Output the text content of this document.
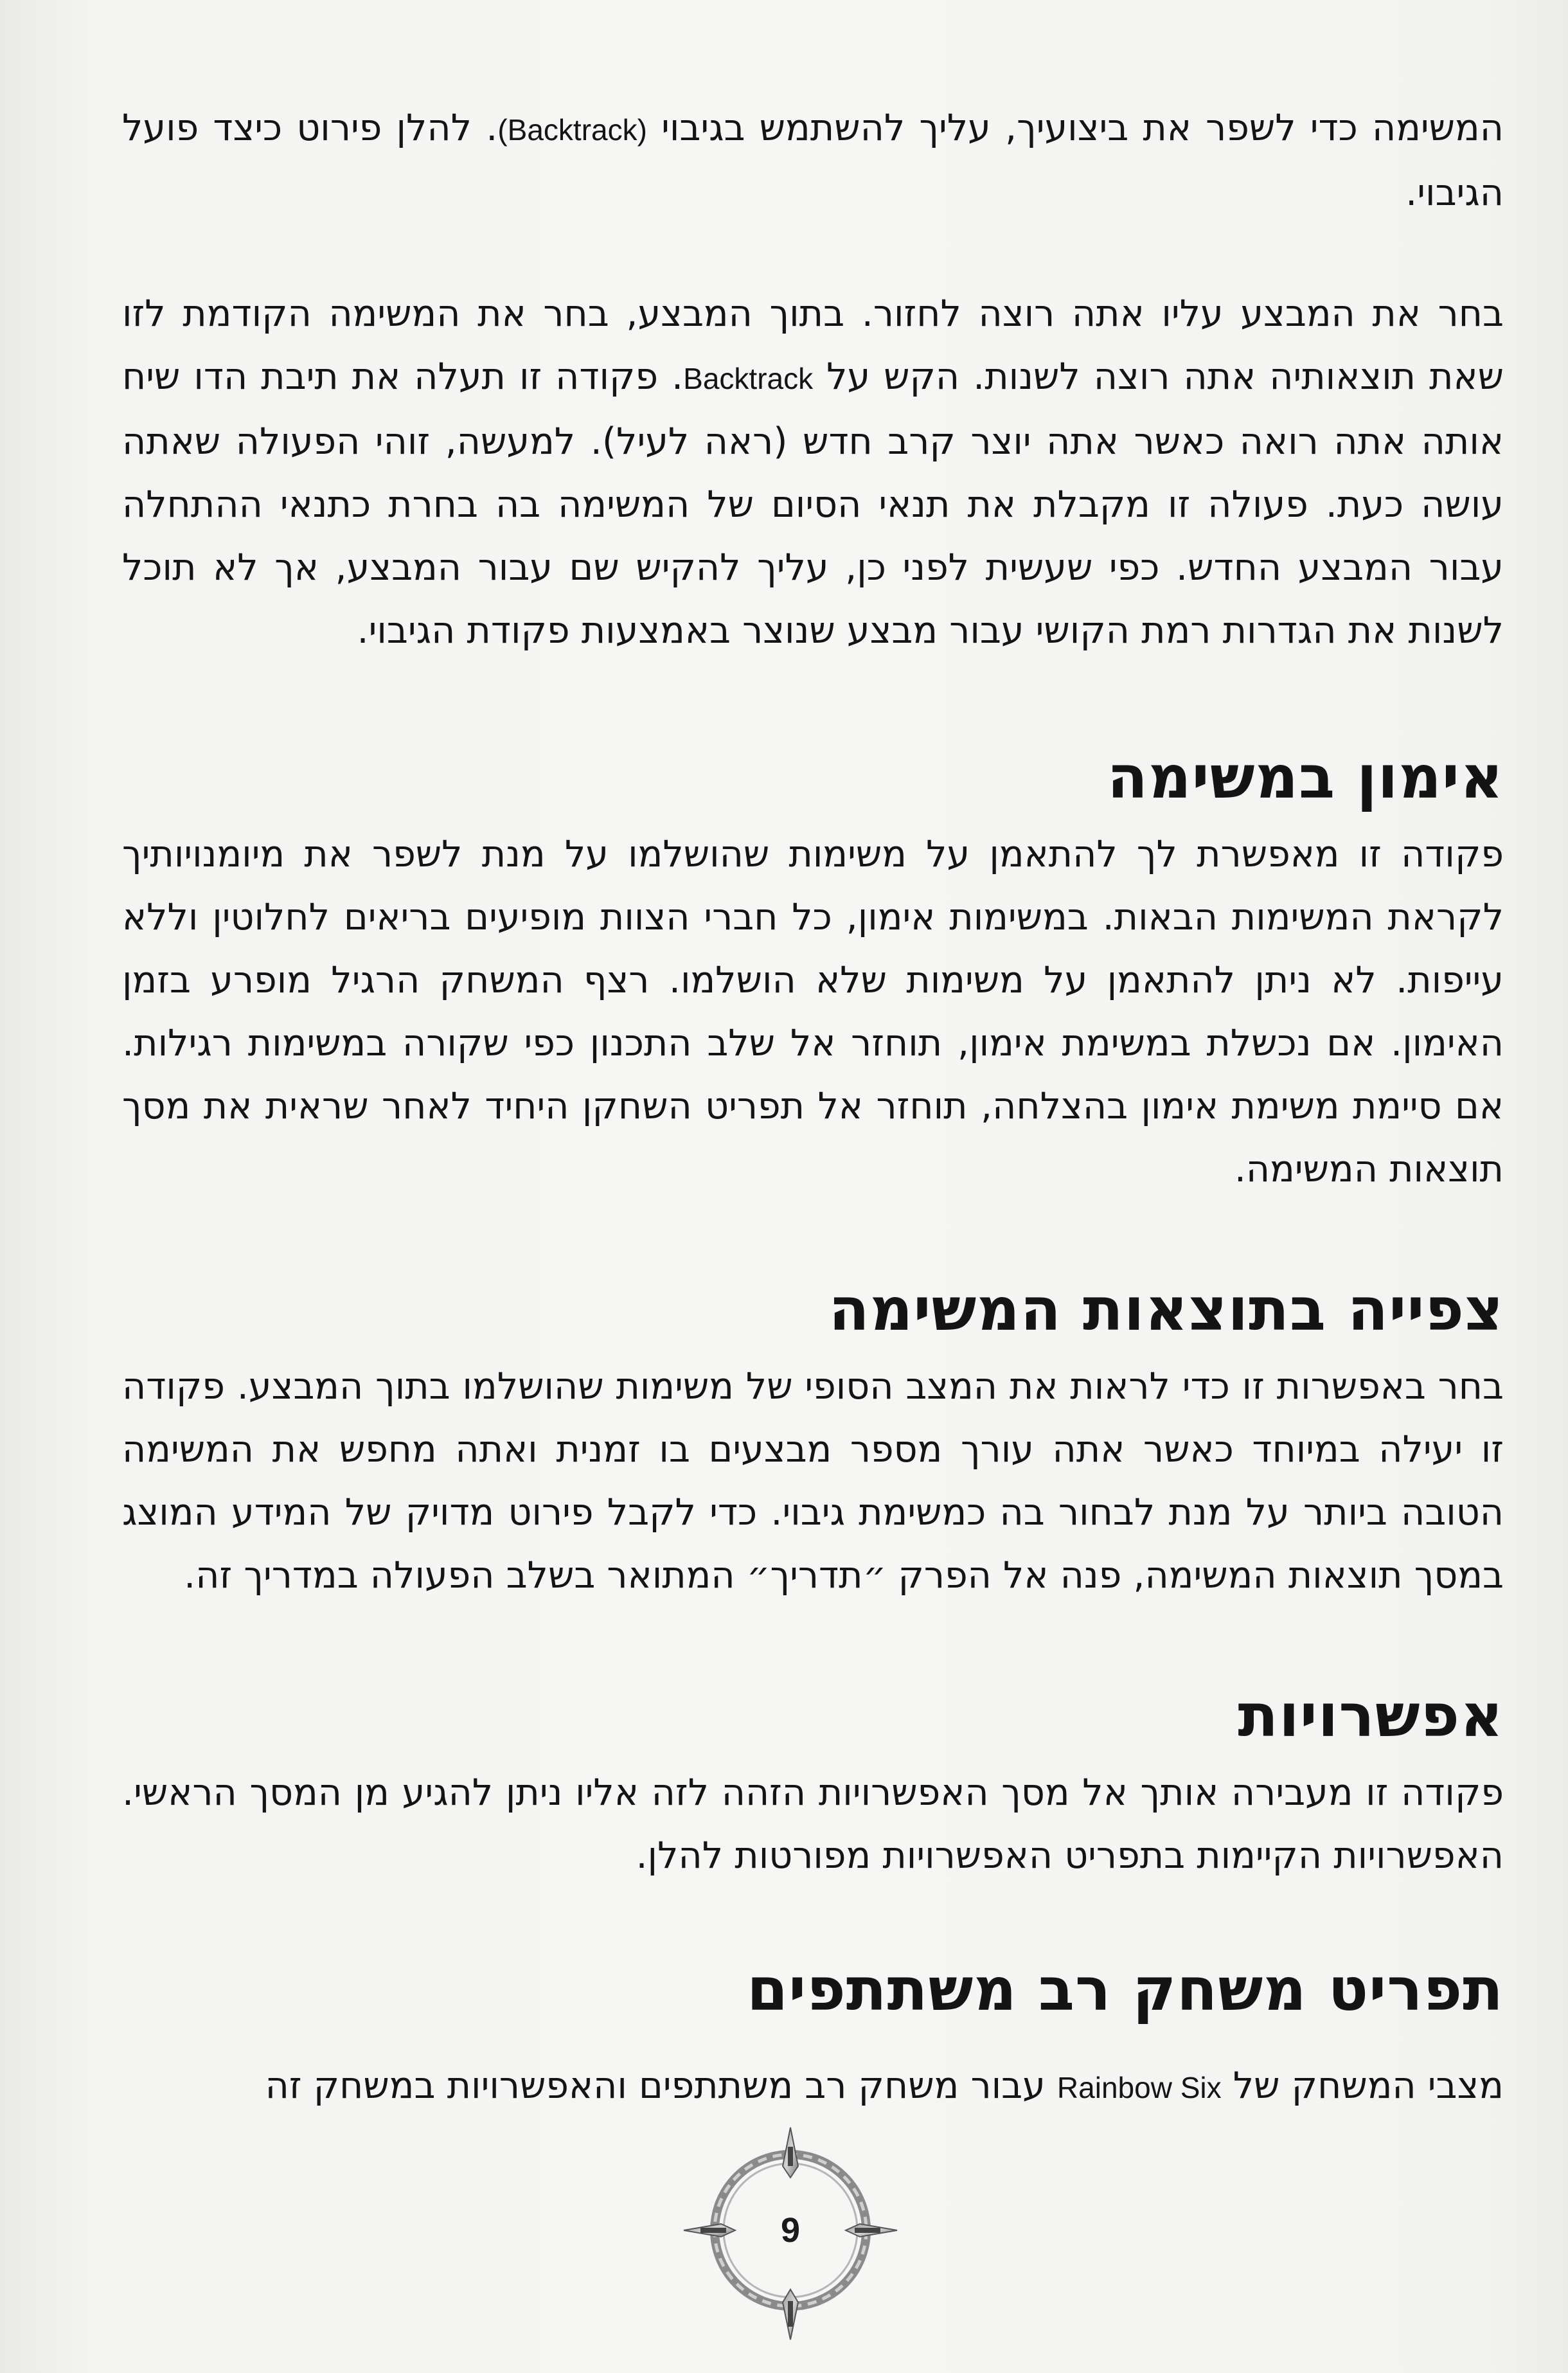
המשימה כדי לשפר את ביצועיך, עליך להשתמש בגיבוי (Backtrack). להלן פירוט כיצד פועל הגיבוי.

בחר את המבצע עליו אתה רוצה לחזור. בתוך המבצע, בחר את המשימה הקודמת לזו שאת תוצאותיה אתה רוצה לשנות. הקש על Backtrack. פקודה זו תעלה את תיבת הדו שיח אותה אתה רואה כאשר אתה יוצר קרב חדש (ראה לעיל). למעשה, זוהי הפעולה שאתה עושה כעת. פעולה זו מקבלת את תנאי הסיום של המשימה בה בחרת כתנאי ההתחלה עבור המבצע החדש. כפי שעשית לפני כן, עליך להקיש שם עבור המבצע, אך לא תוכל לשנות את הגדרות רמת הקושי עבור מבצע שנוצר באמצעות פקודת הגיבוי.

אימון במשימה

פקודה זו מאפשרת לך להתאמן על משימות שהושלמו על מנת לשפר את מיומנויותיך לקראת המשימות הבאות. במשימות אימון, כל חברי הצוות מופיעים בריאים לחלוטין וללא עייפות. לא ניתן להתאמן על משימות שלא הושלמו. רצף המשחק הרגיל מופרע בזמן האימון. אם נכשלת במשימת אימון, תוחזר אל שלב התכנון כפי שקורה במשימות רגילות. אם סיימת משימת אימון בהצלחה, תוחזר אל תפריט השחקן היחיד לאחר שראית את מסך תוצאות המשימה.

צפייה בתוצאות המשימה

בחר באפשרות זו כדי לראות את המצב הסופי של משימות שהושלמו בתוך המבצע. פקודה זו יעילה במיוחד כאשר אתה עורך מספר מבצעים בו זמנית ואתה מחפש את המשימה הטובה ביותר על מנת לבחור בה כמשימת גיבוי. כדי לקבל פירוט מדויק של המידע המוצג במסך תוצאות המשימה, פנה אל הפרק ״תדריך״ המתואר בשלב הפעולה במדריך זה.

אפשרויות

פקודה זו מעבירה אותך אל מסך האפשרויות הזהה לזה אליו ניתן להגיע מן המסך הראשי. האפשרויות הקיימות בתפריט האפשרויות מפורטות להלן.

תפריט משחק רב משתתפים

מצבי המשחק של Rainbow Six עבור משחק רב משתתפים והאפשרויות במשחק זה

9
